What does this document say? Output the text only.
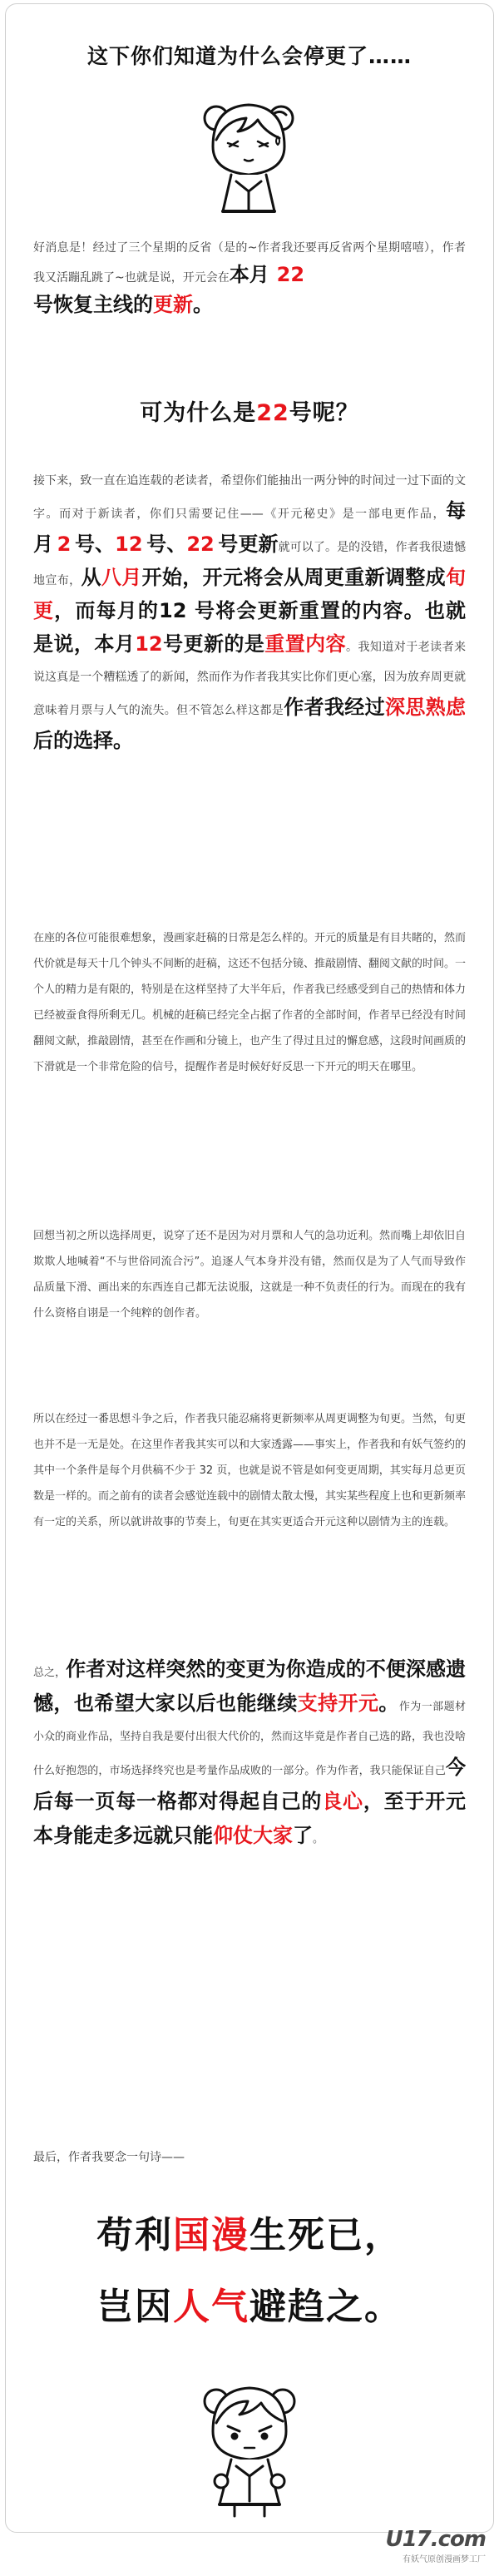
这下你们知道为什么会停更了……
好消息是！经过了三个星期的反省（是的~作者我还要再反省两个星期嘻嘻），作者我又活蹦乱跳了~也就是说，开元会在本月 22
号恢复主线的更新。
可为什么是22号呢？
接下来，致一直在追连载的老读者，希望你们能抽出一两分钟的时间过一过下面的文字。而对于新读者，你们只需要记住——《开元秘史》是一部电更作品，每月 2 号、12 号、22 号更新就可以了。是的没错，作者我很遗憾地宣布，从八月开始，开元将会从周更重新调整成旬更，而每月的12 号将会更新重置的内容。也就是说，本月12号更新的是重置内容。我知道对于老读者来说这真是一个糟糕透了的新闻，然而作为作者我其实比你们更心塞，因为放弃周更就意味着月票与人气的流失。但不管怎么样这都是作者我经过深思熟虑后的选择。
在座的各位可能很难想象，漫画家赶稿的日常是怎么样的。开元的质量是有目共睹的，然而代价就是每天十几个钟头不间断的赶稿，这还不包括分镜、推敲剧情、翻阅文献的时间。一个人的精力是有限的，特别是在这样坚持了大半年后，作者我已经感受到自己的热情和体力已经被蚕食得所剩无几。机械的赶稿已经完全占据了作者的全部时间，作者早已经没有时间翻阅文献，推敲剧情，甚至在作画和分镜上，也产生了得过且过的懈怠感，这段时间画质的下滑就是一个非常危险的信号，提醒作者是时候好好反思一下开元的明天在哪里。
回想当初之所以选择周更，说穿了还不是因为对月票和人气的急功近利。然而嘴上却依旧自欺欺人地喊着“不与世俗同流合污”。追逐人气本身并没有错，然而仅是为了人气而导致作品质量下滑、画出来的东西连自己都无法说服，这就是一种不负责任的行为。而现在的我有什么资格自诩是一个纯粹的创作者。
所以在经过一番思想斗争之后，作者我只能忍痛将更新频率从周更调整为旬更。当然，旬更也并不是一无是处。在这里作者我其实可以和大家透露——事实上，作者我和有妖气签约的其中一个条件是每个月供稿不少于 32 页，也就是说不管是如何变更周期，其实每月总更页数是一样的。而之前有的读者会感觉连载中的剧情太散太慢，其实某些程度上也和更新频率有一定的关系，所以就讲故事的节奏上，旬更在其实更适合开元这种以剧情为主的连载。
总之，作者对这样突然的变更为你造成的不便深感遗憾，也希望大家以后也能继续支持开元。作为一部题材小众的商业作品，坚持自我是要付出很大代价的，然而这毕竟是作者自己选的路，我也没啥什么好抱怨的，市场选择终究也是考量作品成败的一部分。作为作者，我只能保证自己今后每一页每一格都对得起自己的良心，至于开元本身能走多远就只能仰仗大家了。
最后，作者我要念一句诗——
苟利国漫生死已，
岂因人气避趋之。
U17.com
有妖气原创漫画梦工厂
